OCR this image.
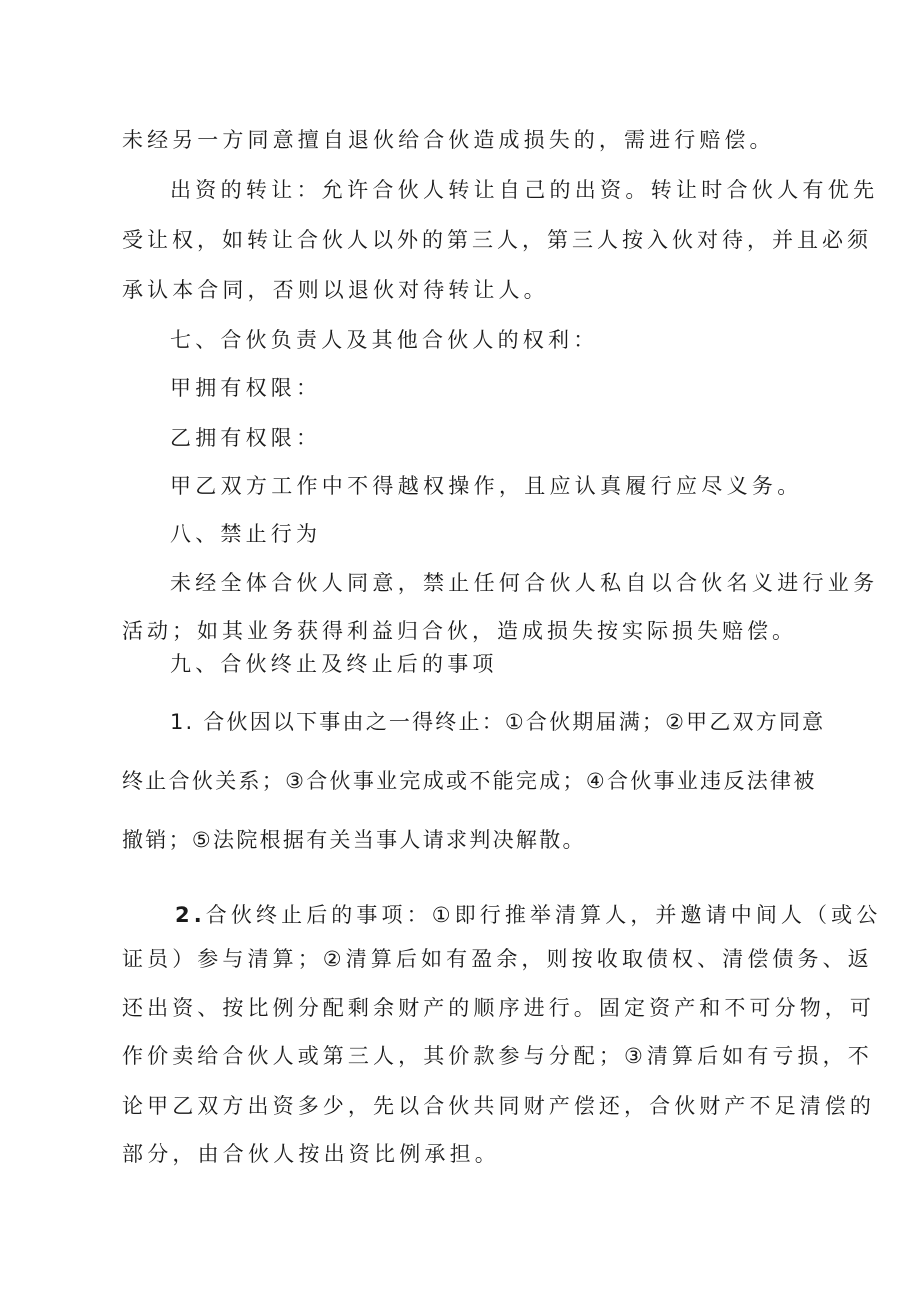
未经另一方同意擅自退伙给合伙造成损失的，需进行赔偿。
出资的转让：允许合伙人转让自己的出资。转让时合伙人有优先
受让权，如转让合伙人以外的第三人，第三人按入伙对待，并且必须
承认本合同，否则以退伙对待转让人。
七、合伙负责人及其他合伙人的权利：
甲拥有权限：
乙拥有权限：
甲乙双方工作中不得越权操作，且应认真履行应尽义务。
八、禁止行为
未经全体合伙人同意，禁止任何合伙人私自以合伙名义进行业务
活动；如其业务获得利益归合伙，造成损失按实际损失赔偿。
九、合伙终止及终止后的事项
1. 合伙因以下事由之一得终止：①合伙期届满；②甲乙双方同意
终止合伙关系；③合伙事业完成或不能完成；④合伙事业违反法律被
撤销；⑤法院根据有关当事人请求判决解散。
2.合伙终止后的事项：①即行推举清算人，并邀请中间人（或公
证员）参与清算；②清算后如有盈余，则按收取债权、清偿债务、返
还出资、按比例分配剩余财产的顺序进行。固定资产和不可分物，可
作价卖给合伙人或第三人，其价款参与分配；③清算后如有亏损，不
论甲乙双方出资多少，先以合伙共同财产偿还，合伙财产不足清偿的
部分，由合伙人按出资比例承担。
